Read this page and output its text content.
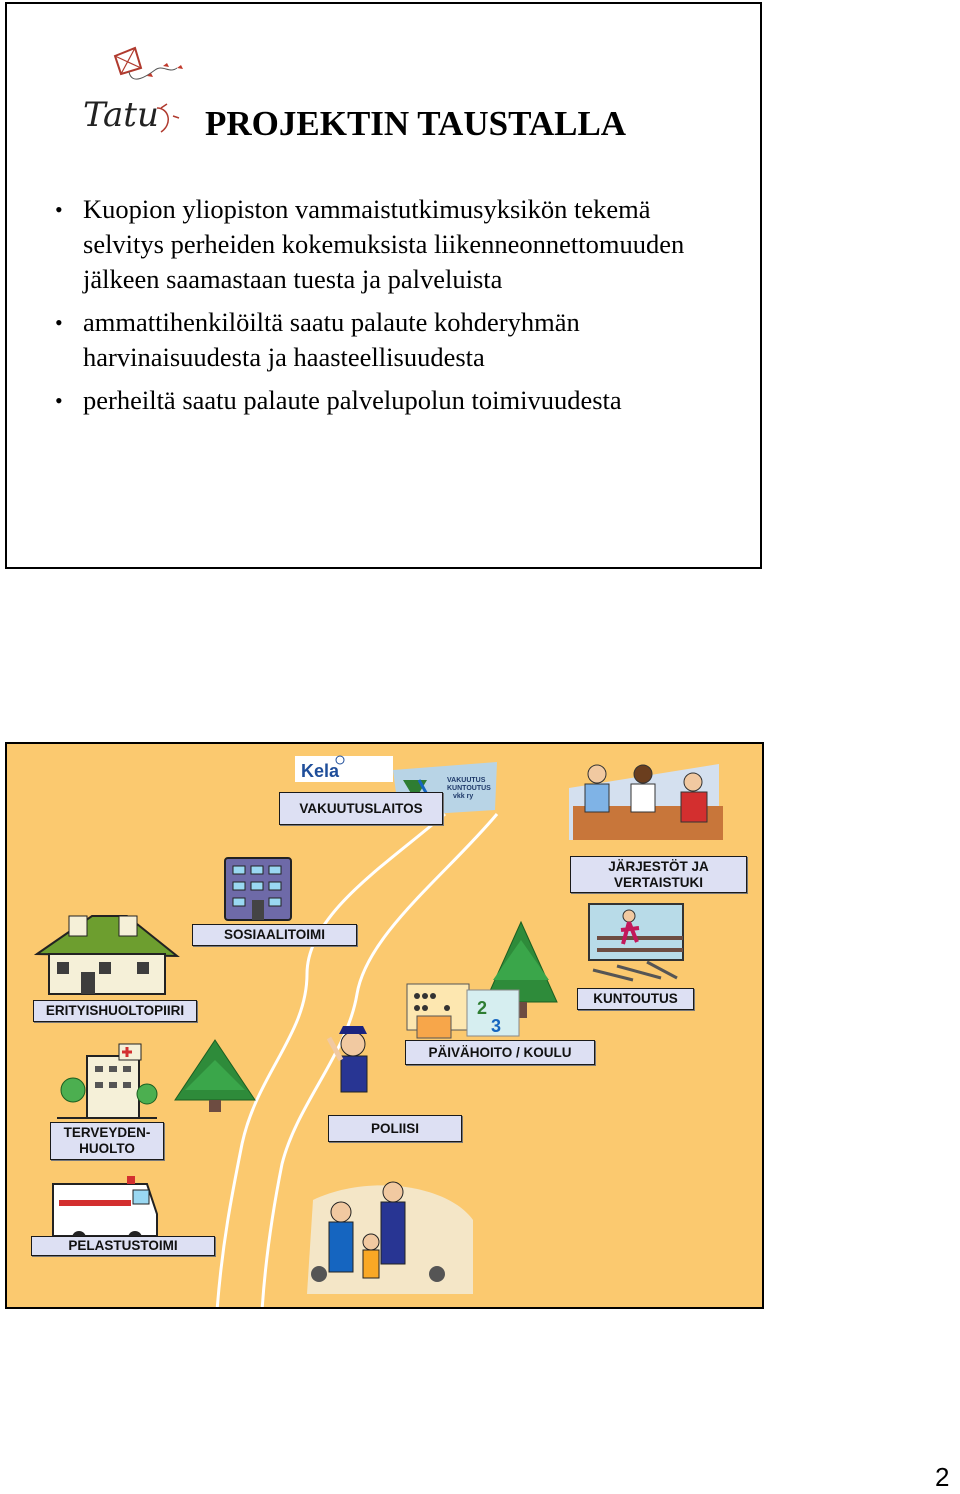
Tatu PROJEKTIN TAUSTALLA
• Kuopion yliopiston vammaistutkimusyksikön tekemä selvitys perheiden kokemuksista liikenneonnettomuuden jälkeen saamastaan tuesta ja palveluista
• ammattihenkilöiltä saatu palaute kohderyhmän harvinaisuudesta ja haasteellisuudesta
• perheiltä saatu palaute palvelupolun toimivuudesta
Kela	VAKUUTUS
KUNTOUTUS
vkk ry
2
3
VAKUUTUSLAITOS
JÄRJESTÖT JA VERTAISTUKI
SOSIAALITOIMI
ERITYISHUOLTOPIIRI
KUNTOUTUS
PÄIVÄHOITO / KOULU
TERVEYDEN-
HUOLTO
POLIISI
PELASTUSTOIMI
2
